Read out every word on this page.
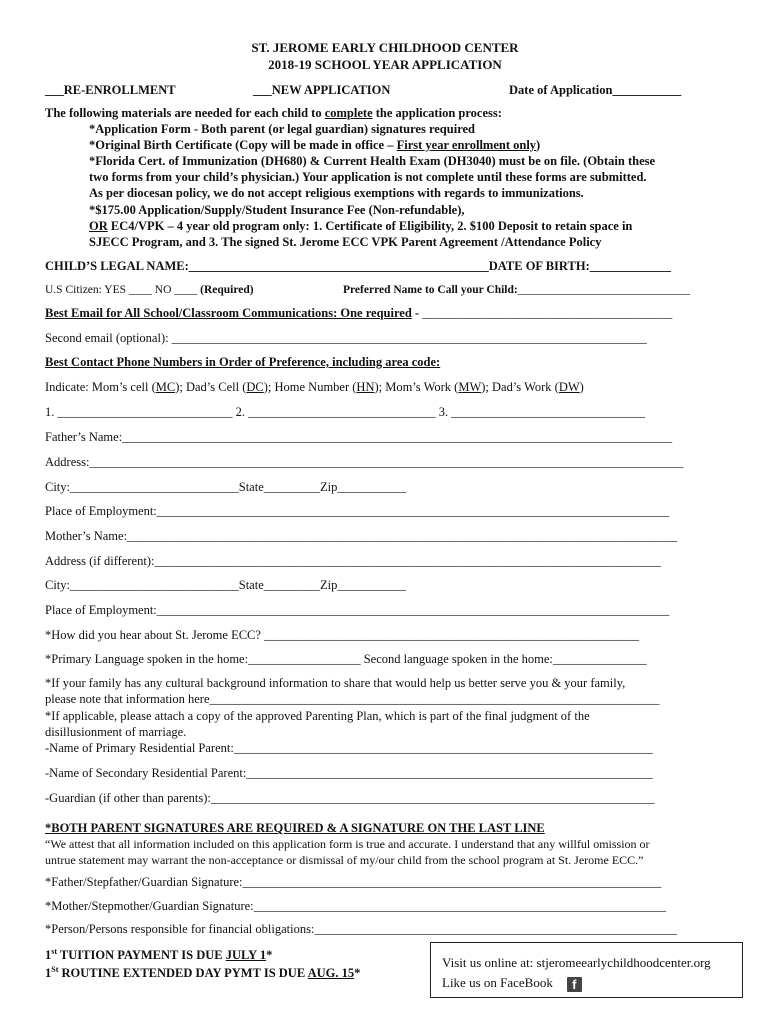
ST. JEROME EARLY CHILDHOOD CENTER
2018-19 SCHOOL YEAR APPLICATION
___RE-ENROLLMENT	___NEW APPLICATION	Date of Application___________
The following materials are needed for each child to complete the application process:
*Application Form - Both parent (or legal guardian) signatures required
*Original Birth Certificate (Copy will be made in office – First year enrollment only)
*Florida Cert. of Immunization (DH680) & Current Health Exam (DH3040) must be on file. (Obtain these
two forms from your child’s physician.) Your application is not complete until these forms are submitted.
As per diocesan policy, we do not accept religious exemptions with regards to immunizations.
*$175.00 Application/Supply/Student Insurance Fee (Non-refundable),
OR EC4/VPK – 4 year old program only: 1. Certificate of Eligibility, 2. $100 Deposit to retain space in
SJECC Program, and 3. The signed St. Jerome ECC VPK Parent Agreement /Attendance Policy
CHILD’S LEGAL NAME:________________________________________________DATE OF BIRTH:_____________
U.S Citizen: YES ____ NO ____ (Required)	Preferred Name to Call your Child:______________________________
Best Email for All School/Classroom Communications: One required - ________________________________________
Second email (optional): ____________________________________________________________________________
Best Contact Phone Numbers in Order of Preference, including area code:
Indicate: Mom’s cell (MC); Dad’s Cell (DC); Home Number (HN); Mom’s Work (MW); Dad’s Work (DW)
1. ____________________________ 2. ______________________________ 3. _______________________________
Father’s Name:________________________________________________________________________________________
Address:_______________________________________________________________________________________________
City:___________________________State_________Zip___________
Place of Employment:__________________________________________________________________________________
Mother’s Name:________________________________________________________________________________________
Address (if different):_________________________________________________________________________________
City:___________________________State_________Zip___________
Place of Employment:__________________________________________________________________________________
*How did you hear about St. Jerome ECC? ____________________________________________________________
*Primary Language spoken in the home:__________________ Second language spoken in the home:_______________
*If your family has any cultural background information to share that would help us better serve you & your family,
please note that information here________________________________________________________________________
*If applicable, please attach a copy of the approved Parenting Plan, which is part of the final judgment of the
disillusionment of marriage.
-Name of Primary Residential Parent:___________________________________________________________________
-Name of Secondary Residential Parent:_________________________________________________________________
-Guardian (if other than parents):_______________________________________________________________________
*BOTH PARENT SIGNATURES ARE REQUIRED & A SIGNATURE ON THE LAST LINE
“We attest that all information included on this application form is true and accurate. I understand that any willful omission or
untrue statement may warrant the non-acceptance or dismissal of my/our child from the school program at St. Jerome ECC.”
*Father/Stepfather/Guardian Signature:___________________________________________________________________
*Mother/Stepmother/Guardian Signature:__________________________________________________________________
*Person/Persons responsible for financial obligations:__________________________________________________________
1st TUITION PAYMENT IS DUE JULY 1*
1St ROUTINE EXTENDED DAY PYMT IS DUE AUG. 15*
Visit us online at: stjeromeearlychildhoodcenter.org
Like us on FaceBook f
